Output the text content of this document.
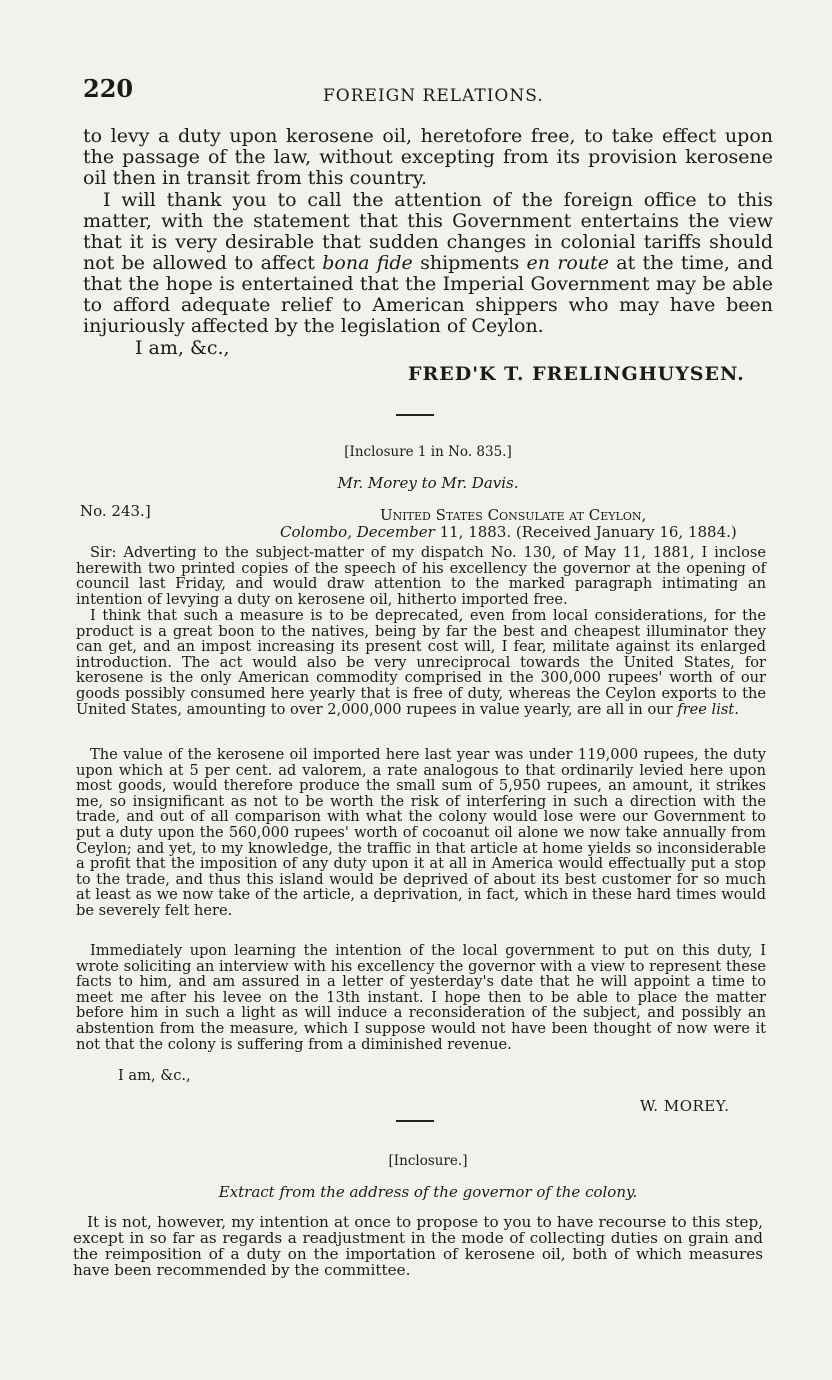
220	FOREIGN RELATIONS.

to levy a duty upon kerosene oil, heretofore free, to take effect upon the passage of the law, without excepting from its provision kerosene oil then in transit from this country.

I will thank you to call the attention of the foreign office to this matter, with the statement that this Government entertains the view that it is very desirable that sudden changes in colonial tariffs should not be allowed to affect bona fide shipments en route at the time, and that the hope is entertained that the Imperial Government may be able to afford adequate relief to American shippers who may have been injuriously affected by the legislation of Ceylon.

I am, &c.,
FRED'K T. FRELINGHUYSEN.
[Inclosure 1 in No. 835.]
Mr. Morey to Mr. Davis.
No. 243.]	United States Consulate at Ceylon,
Colombo, December 11, 1883. (Received January 16, 1884.)

Sir: Adverting to the subject-matter of my dispatch No. 130, of May 11, 1881, I inclose herewith two printed copies of the speech of his excellency the governor at the opening of council last Friday, and would draw attention to the marked paragraph intimating an intention of levying a duty on kerosene oil, hitherto imported free.

I think that such a measure is to be deprecated, even from local considerations, for the product is a great boon to the natives, being by far the best and cheapest illuminator they can get, and an impost increasing its present cost will, I fear, militate against its enlarged introduction. The act would also be very unreciprocal towards the United States, for kerosene is the only American commodity comprised in the 300,000 rupees' worth of our goods possibly consumed here yearly that is free of duty, whereas the Ceylon exports to the United States, amounting to over 2,000,000 rupees in value yearly, are all in our free list.

The value of the kerosene oil imported here last year was under 119,000 rupees, the duty upon which at 5 per cent. ad valorem, a rate analogous to that ordinarily levied here upon most goods, would therefore produce the small sum of 5,950 rupees, an amount, it strikes me, so insignificant as not to be worth the risk of interfering in such a direction with the trade, and out of all comparison with what the colony would lose were our Government to put a duty upon the 560,000 rupees' worth of cocoanut oil alone we now take annually from Ceylon; and yet, to my knowledge, the traffic in that article at home yields so inconsiderable a profit that the imposition of any duty upon it at all in America would effectually put a stop to the trade, and thus this island would be deprived of about its best customer for so much at least as we now take of the article, a deprivation, in fact, which in these hard times would be severely felt here.

Immediately upon learning the intention of the local government to put on this duty, I wrote soliciting an interview with his excellency the governor with a view to represent these facts to him, and am assured in a letter of yesterday's date that he will appoint a time to meet me after his levee on the 13th instant. I hope then to be able to place the matter before him in such a light as will induce a reconsideration of the subject, and possibly an abstention from the measure, which I suppose would not have been thought of now were it not that the colony is suffering from a diminished revenue.

I am, &c.,
W. MOREY.
[Inclosure.]
Extract from the address of the governor of the colony.

It is not, however, my intention at once to propose to you to have recourse to this step, except in so far as regards a readjustment in the mode of collecting duties on grain and the reimposition of a duty on the importation of kerosene oil, both of which measures have been recommended by the committee.
